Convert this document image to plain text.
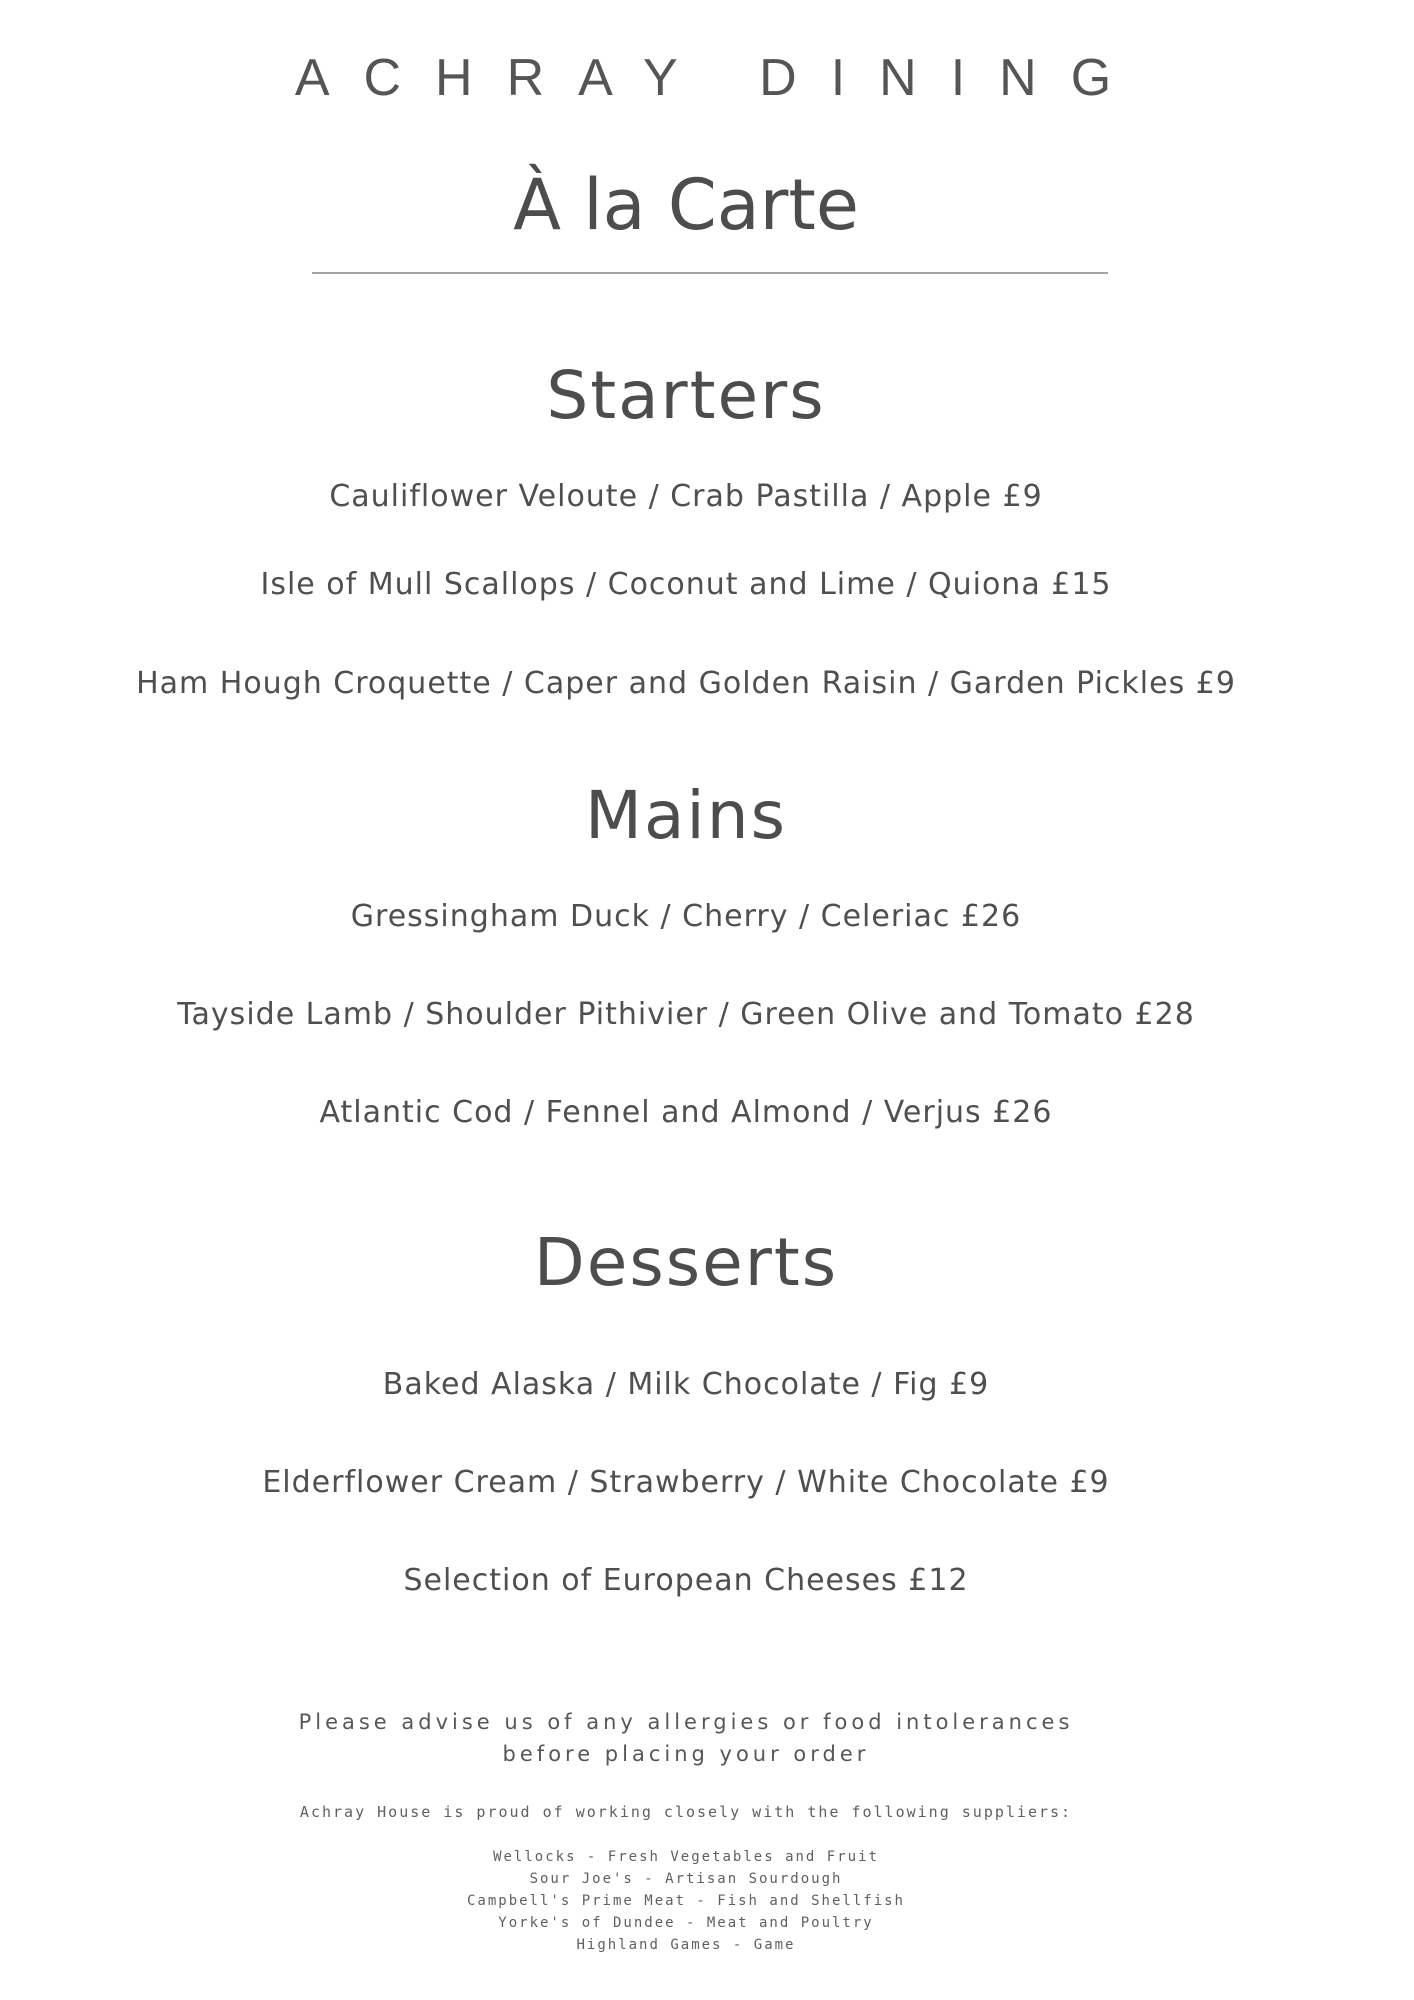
ACHRAY DINING
À la Carte
Starters
Cauliflower Veloute / Crab Pastilla / Apple £9
Isle of Mull Scallops / Coconut and Lime / Quiona £15
Ham Hough Croquette / Caper and Golden Raisin / Garden Pickles £9
Mains
Gressingham Duck / Cherry / Celeriac £26
Tayside Lamb / Shoulder Pithivier / Green Olive and Tomato £28
Atlantic Cod / Fennel and Almond / Verjus £26
Desserts
Baked Alaska / Milk Chocolate / Fig £9
Elderflower Cream / Strawberry / White Chocolate £9
Selection of European Cheeses £12
Please advise us of any allergies or food intolerances
before placing your order
Achray House is proud of working closely with the following suppliers:
Wellocks - Fresh Vegetables and Fruit
Sour Joe's - Artisan Sourdough
Campbell's Prime Meat - Fish and Shellfish
Yorke's of Dundee - Meat and Poultry
Highland Games - Game
